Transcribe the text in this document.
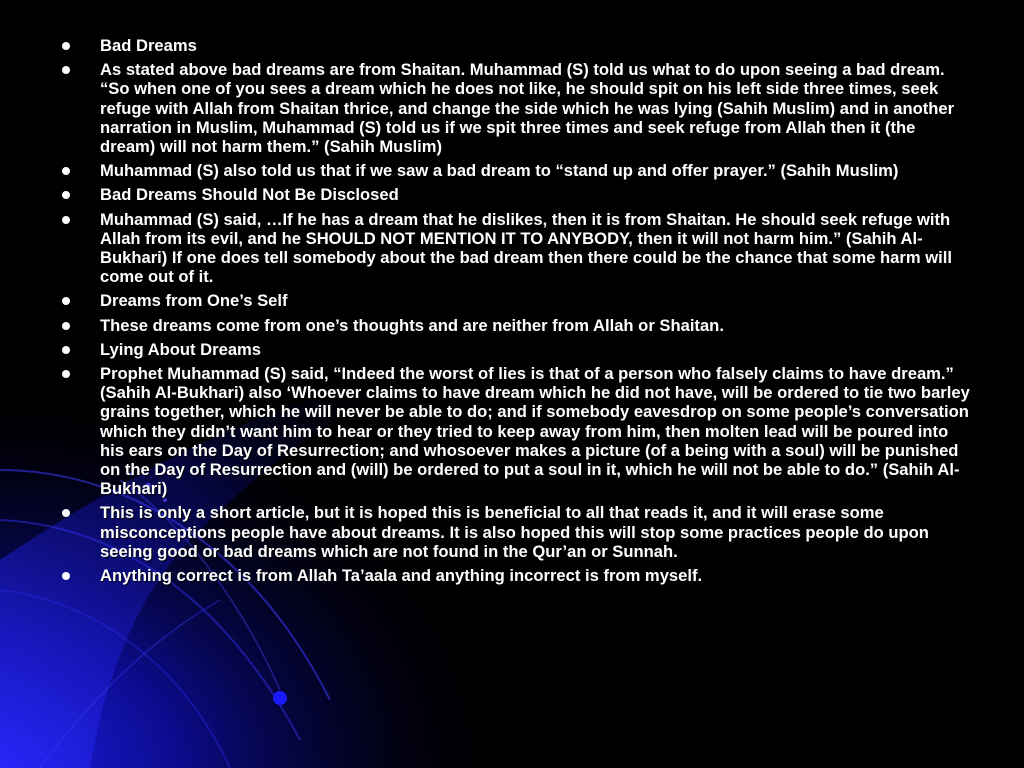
Bad Dreams
As stated above bad dreams are from Shaitan. Muhammad (S) told us what to do upon seeing a bad dream. “So when one of you sees a dream which he does not like, he should spit on his left side three times, seek refuge with Allah from Shaitan thrice, and change the side which he was lying (Sahih Muslim) and in another narration in Muslim, Muhammad (S) told us if we spit three times and seek refuge from Allah then it (the dream) will not harm them.” (Sahih Muslim)
Muhammad (S) also told us that if we saw a bad dream to “stand up and offer prayer.” (Sahih Muslim)
Bad Dreams Should Not Be Disclosed
Muhammad (S) said, …If he has a dream that he dislikes, then it is from Shaitan. He should seek refuge with Allah from its evil, and he SHOULD NOT MENTION IT TO ANYBODY, then it will not harm him.” (Sahih Al-Bukhari) If one does tell somebody about the bad dream then there could be the chance that some harm will come out of it.
Dreams from One’s Self
These dreams come from one’s thoughts and are neither from Allah or Shaitan.
Lying About Dreams
Prophet Muhammad (S) said, “Indeed the worst of lies is that of a person who falsely claims to have dream.” (Sahih Al-Bukhari) also ‘Whoever claims to have dream which he did not have, will be ordered to tie two barley grains together, which he will never be able to do; and if somebody eavesdrop on some people’s conversation which they didn’t want him to hear or they tried to keep away from him, then molten lead will be poured into his ears on the Day of Resurrection; and whosoever makes a picture (of a being with a soul) will be punished on the Day of Resurrection and (will) be ordered to put a soul in it, which he will not be able to do.” (Sahih Al-Bukhari)
This is only a short article, but it is hoped this is beneficial to all that reads it, and it will erase some misconceptions people have about dreams. It is also hoped this will stop some practices people do upon seeing good or bad dreams which are not found in the Qur’an or Sunnah.
Anything correct is from Allah Ta’aala and anything incorrect is from myself.
